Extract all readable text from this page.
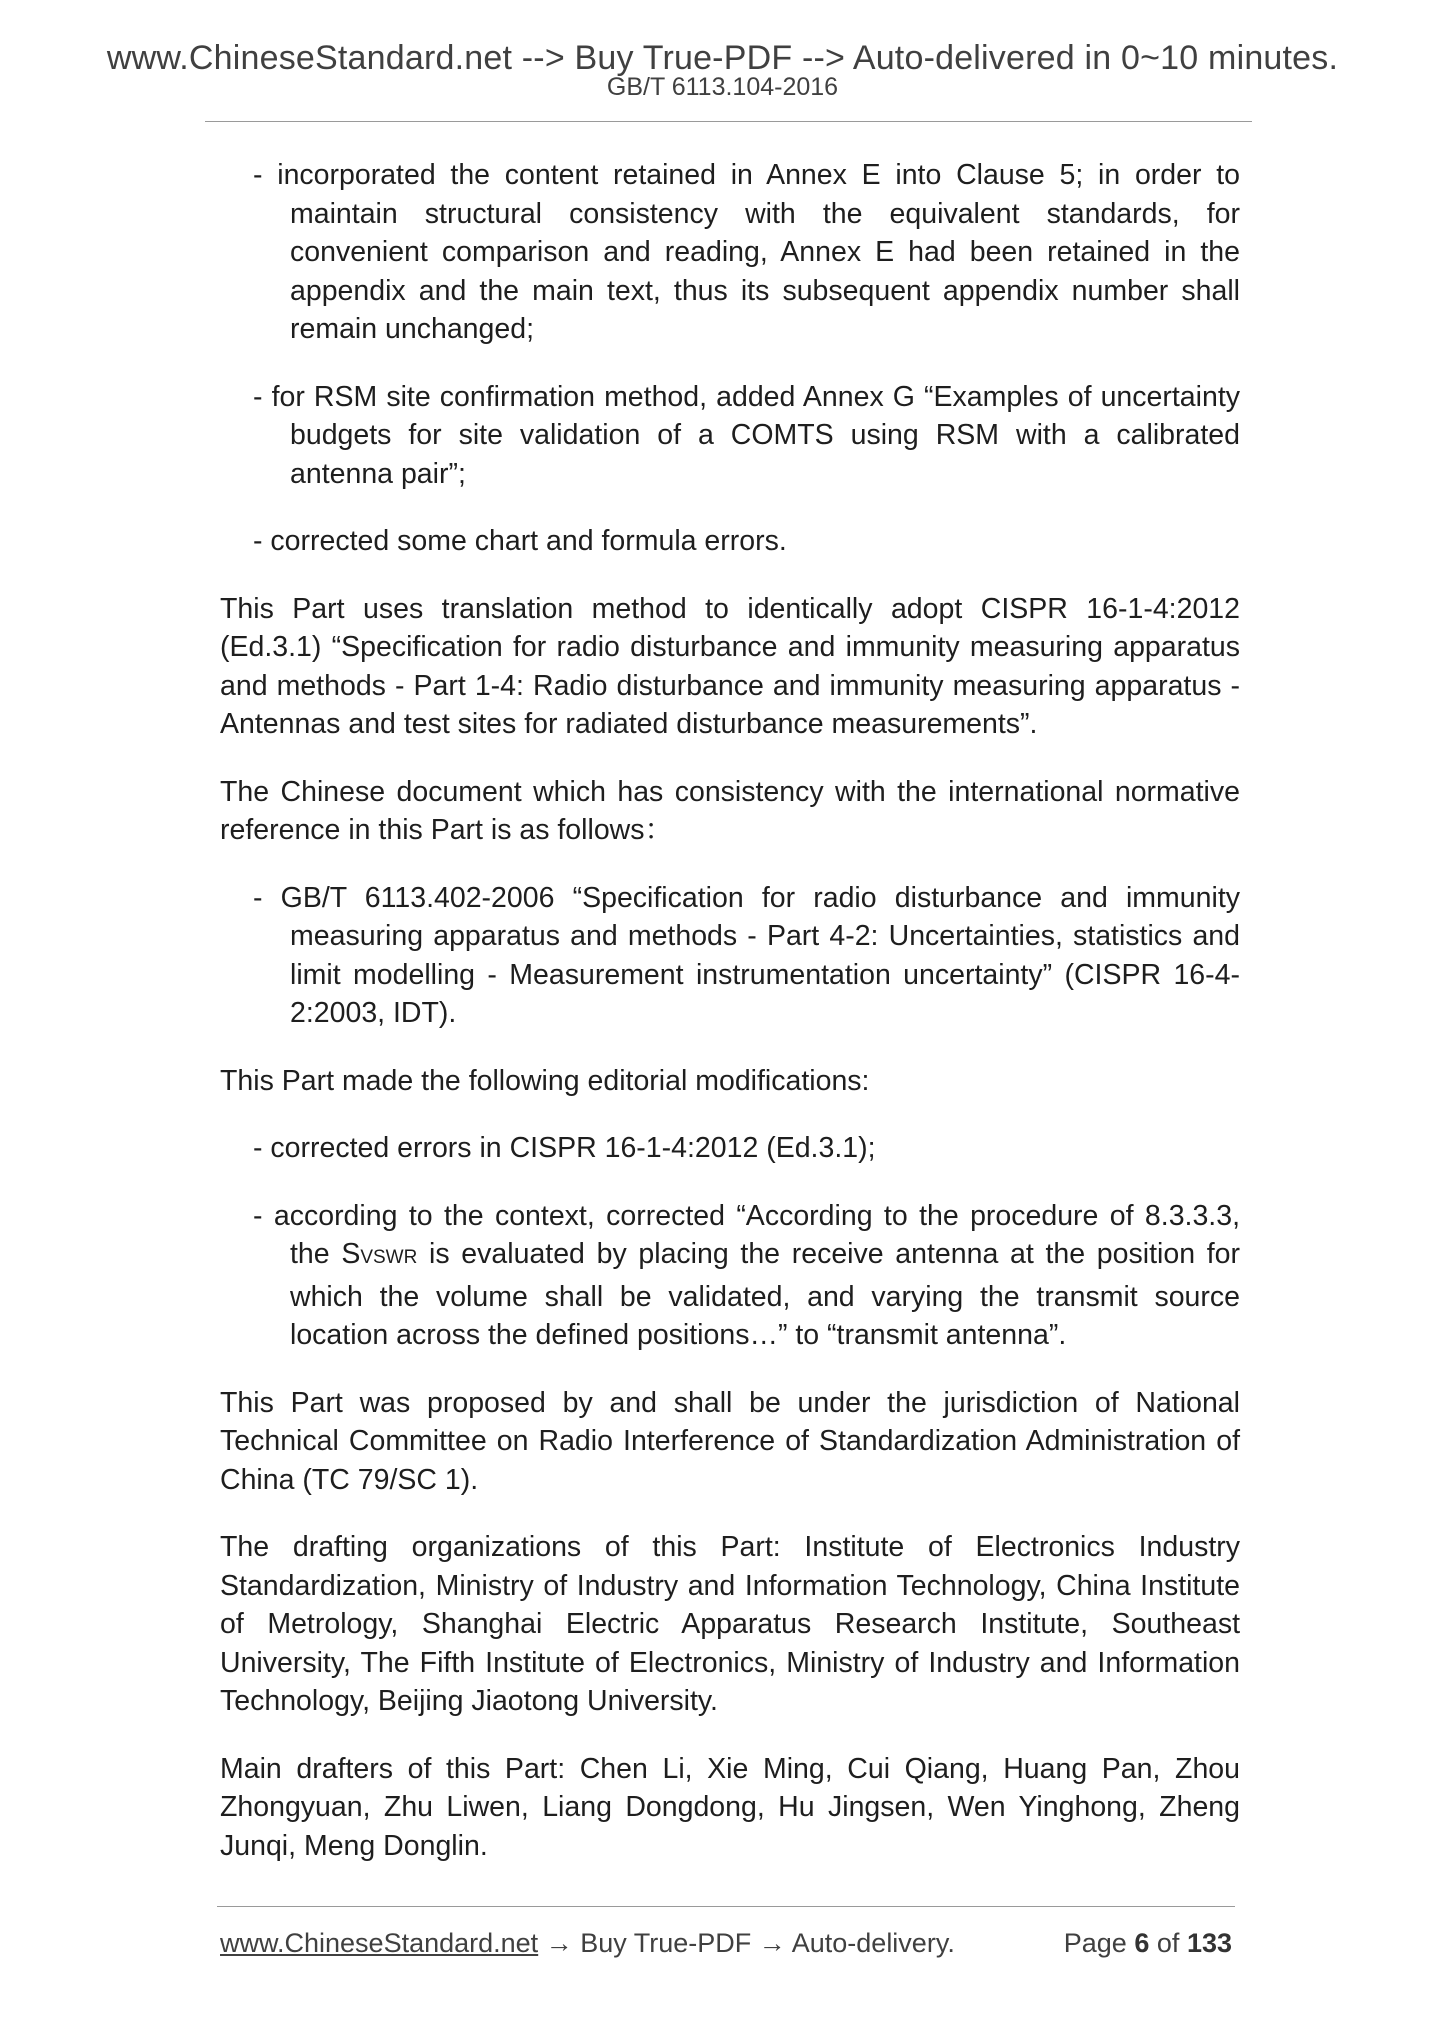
www.ChineseStandard.net --> Buy True-PDF --> Auto-delivered in 0~10 minutes.
GB/T 6113.104-2016

- incorporated the content retained in Annex E into Clause 5; in order to maintain structural consistency with the equivalent standards, for convenient comparison and reading, Annex E had been retained in the appendix and the main text, thus its subsequent appendix number shall remain unchanged;

- for RSM site confirmation method, added Annex G “Examples of uncertainty budgets for site validation of a COMTS using RSM with a calibrated antenna pair”;

- corrected some chart and formula errors.

This Part uses translation method to identically adopt CISPR 16-1-4:2012 (Ed.3.1) “Specification for radio disturbance and immunity measuring apparatus and methods - Part 1-4: Radio disturbance and immunity measuring apparatus - Antennas and test sites for radiated disturbance measurements”.

The Chinese document which has consistency with the international normative reference in this Part is as follows：

- GB/T 6113.402-2006 “Specification for radio disturbance and immunity measuring apparatus and methods - Part 4-2: Uncertainties, statistics and limit modelling - Measurement instrumentation uncertainty” (CISPR 16-4-2:2003, IDT).

This Part made the following editorial modifications:

- corrected errors in CISPR 16-1-4:2012 (Ed.3.1);

- according to the context, corrected “According to the procedure of 8.3.3.3, the SVSWR is evaluated by placing the receive antenna at the position for which the volume shall be validated, and varying the transmit source location across the defined positions…” to “transmit antenna”.

This Part was proposed by and shall be under the jurisdiction of National Technical Committee on Radio Interference of Standardization Administration of China (TC 79/SC 1).

The drafting organizations of this Part: Institute of Electronics Industry Standardization, Ministry of Industry and Information Technology, China Institute of Metrology, Shanghai Electric Apparatus Research Institute, Southeast University, The Fifth Institute of Electronics, Ministry of Industry and Information Technology, Beijing Jiaotong University.

Main drafters of this Part: Chen Li, Xie Ming, Cui Qiang, Huang Pan, Zhou Zhongyuan, Zhu Liwen, Liang Dongdong, Hu Jingsen, Wen Yinghong, Zheng Junqi, Meng Donglin.

www.ChineseStandard.net → Buy True-PDF → Auto-delivery.	Page 6 of 133
